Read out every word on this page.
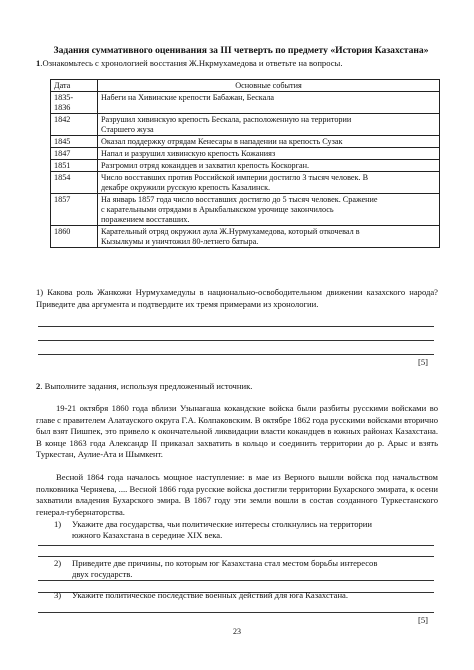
Задания суммативного оценивания за III четверть по предмету «История Казахстана»
1.Ознакомьтесь с хронологией восстания Ж.Нкрмухамедова и ответьте на вопросы.
Дата	Основные события

1835-
1836	Набеги на Хивинские крепости Бабажан, Бескала

1842	Разрушил хивинскую крепость Бескала, расположенную на территории
Старшего жуза

1845	Оказал поддержку отрядам Кенесары в нападении на крепость Сузак

1847	Напал и разрушил хивинскую крепость Кожанияз

1851	Разгромил отряд кокандцев и захватил крепость Коскорган.

1854	Число восставших против Российской империи достигло 3 тысяч человек. В
декабре окружили русскую крепость Казалинск.

1857	На январь 1857 года число восставших достигло до 5 тысяч человек. Сражение
с карательными отрядами в Арыкбалыкском урочище закончилось
поражением восставших.

1860	Карательный отряд окружил аула Ж.Нурмухамедова, который откочевал в
Кызылкумы и уничтожил 80-летнего батыра.
1) Какова роль Жанкожи Нурмухамедулы в национально-освободительном движении казахского народа? Приведите два аргумента и подтвердите их тремя примерами из хронологии.
[5]
2. Выполните задания, используя предложенный источник.
19-21 октября 1860 года вблизи Узынагаша кокандские войска были разбиты русскими войсками во главе с правителем Алатауского округа Г.А. Колпаковским. В октябре 1862 года русскими войсками вторично был взят Пишпек, это привело к окончательной ликвидации власти кокандцев в южных районах Казахстана. В конце 1863 года Александр II приказал захватить в кольцо и соединить территории до р. Арыс и взять Туркестан, Аулие-Ата и Шымкент.
Весной 1864 года началось мощное наступление: в мае из Верного вышли войска под начальством полковника Черняева, .... Весной 1866 года русские войска достигли территории Бухарского эмирата, к осени захватили владения Бухарского эмира. В 1867 году эти земли вошли в состав созданного Туркестанского генерал-губернаторства.
1) Укажите два государства, чьи политические интересы столкнулись на территории
южного Казахстана в середине XIX века.
2) Приведите две причины, по которым юг Казахстана стал местом борьбы интересов
двух государств.
3) Укажите политическое последствие военных действий для юга Казахстана.
[5]
23
